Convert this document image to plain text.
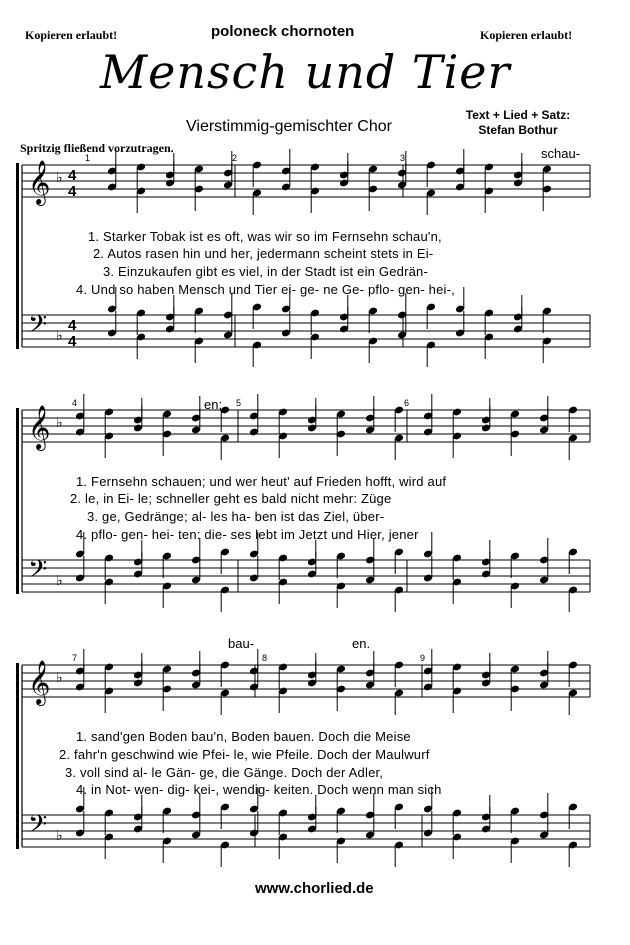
Kopieren erlaubt!	poloneck chornoten	Kopieren erlaubt!
Mensch und Tier
Vierstimmig-gemischter Chor
Text + Lied + Satz:
Stefan Bothur
Spritzig fließend vorzutragen.
𝄞
𝄢
♭
♭
4
4
4
4
1	2	3
𝄞
𝄢
♭
♭
4	5	6
𝄞
𝄢
♭
♭
7	8	9
schau-
en;
bau-	en.
1. Starker Tobak ist es oft, was wir so im Fernsehn schau'n,
2. Autos rasen hin und her, jedermann scheint stets in Ei-
3. Einzukaufen gibt es viel, in der Stadt ist ein Gedrän-
4. Und so haben Mensch und Tier ei- ge- ne Ge- pflo- gen- hei-,
1. Fernsehn schauen; und wer heut' auf Frieden hofft, wird auf
2. le, in Ei- le; schneller geht es bald nicht mehr: Züge
3. ge, Gedränge; al- les ha- ben ist das Ziel, über-
4. pflo- gen- hei- ten: die- ses lebt im Jetzt und Hier, jener
1. sand'gen Boden bau'n, Boden bauen. Doch die Meise
2. fahr'n geschwind wie Pfei- le, wie Pfeile. Doch der Maulwurf
3. voll sind al- le Gän- ge, die Gänge. Doch der Adler,
4. in Not- wen- dig- kei-, wendig- keiten. Doch wenn man sich
www.chorlied.de
